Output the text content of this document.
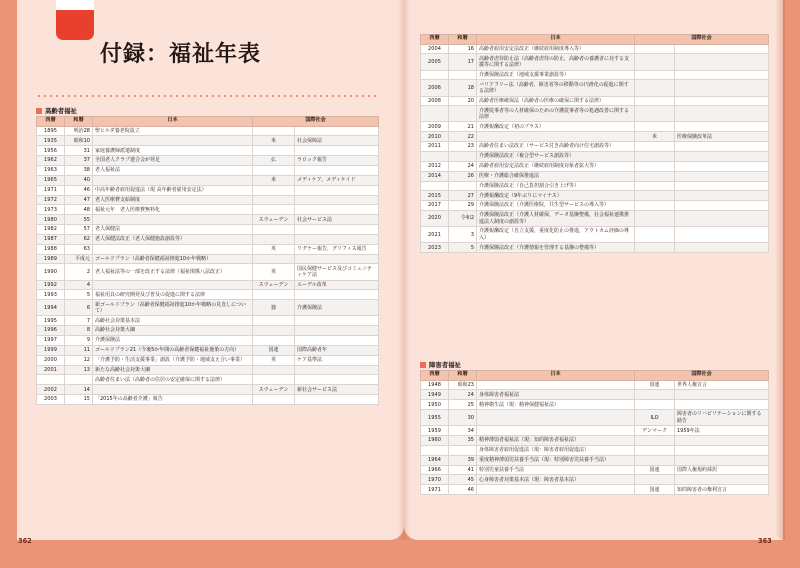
付録：福祉年表
高齢者福祉
西暦	和暦	日本	国際社会	
1895	明治28	聖ヒルダ養老院設立		
1935	昭和10		米	社会保障法
1956	31	家庭養護婦派遣制度		
1962	37	全国老人クラブ連合会が発足	仏	ラロック報告
1963	38	老人福祉法		
1965	40		米	メディケア，メディケイド
1971	46	中高年齢者雇用促進法（現 高年齢者雇用安定法）		
1972	47	老人医療費支給制度		
1973	48	福祉元年　老人医療費無料化		
1980	55		スウェーデン	社会サービス法
1982	57	老人保健法		
1987	62	老人保健法改正（老人保健施設創設等）		
1988	63		英	ワグナー報告，グリフィス報告
1989	平成元	ゴールドプラン（高齢者保健福祉推進10か年戦略）		
1990	2	老人福祉法等の一部を改正する法律（福祉関係八法改正）	英	国民保健サービス及びコミュニティケア法
1992	4		スウェーデン	エーデル改革
1993	5	福祉用具の研究開発及び普及の促進に関する法律		
1994	6	新ゴールドプラン（高齢者保健福祉推進10か年戦略の見直しについて）	独	介護保険法
1995	7	高齢社会対策基本法		
1996	8	高齢社会対策大綱		
1997	9	介護保険法		
1999	11	ゴールドプラン21（今後5か年間の高齢者保健福祉施策の方向）	国連	国際高齢者年
2000	12	「介護予防・生活支援事業」創設（介護予防・地域支え合い事業）	英	ケア基準法
2001	13	新たな高齢社会対策大綱		
		高齢者住まい法（高齢者の住居の安定確保に関する法律）		
2002	14		スウェーデン	新社会サービス法
2003	15	「2015年の高齢者介護」報告		
西暦	和暦	日本	国際社会	
2004	16	高齢者雇用安定法改正（継続雇用制度導入等）		
2005	17	高齢者虐待防止法（高齢者虐待の防止，高齢者の養護者に対する支援等に関する法律）		
		介護保険法改正（地域支援事業創設等）		
2006	18	バリアフリー法（高齢者，障害者等の移動等の円滑化の促進に関する法律）		
2008	20	高齢者医療確保法（高齢者の医療の確保に関する法律）		
		介護従事者等の人材確保のための介護従事者等の処遇改善に関する法律		
2009	21	介護報酬改定（初のプラス）		
2010	22		米	医療保険改革法
2011	23	高齢者住まい法改正（サービス付き高齢者向け住宅創設等）		
		介護保険法改正（複合型サービス創設等）		
2012	24	高齢者雇用安定法改正（継続雇用制度対象者拡大等）		
2014	26	医療・介護総合確保推進法		
		介護保険法改正（自己負担割合引き上げ等）		
2015	27	介護報酬改定（9年ぶりにマイナス）		
2017	29	介護保険法改正（介護医療院，共生型サービスの導入等）		
2020	令和2	介護保険法改正（介護人材確保，データ基盤整備，社会福祉連携推進法人制度の創設等）		
2021	3	介護報酬改定（自立支援，重度化防止の推進，アウトカム評価の導入）		
2023	5	介護保険法改正（介護情報を管理する基盤の整備等）		
障害者福祉
西暦	和暦	日本	国際社会	
1948	昭和23		国連	世界人権宣言
1949	24	身体障害者福祉法		
1950	25	精神衛生法（現：精神保健福祉法）		
1955	30		ILO	障害者のリハビリテーションに関する勧告
1959	34		デンマーク	1959年法
1960	35	精神薄弱者福祉法（現：知的障害者福祉法）		
		身体障害者雇用促進法（現：障害者雇用促進法）		
1964	39	重度精神薄弱児扶養手当法（現：特別障害児扶養手当法）		
1966	41	特別児童扶養手当法	国連	国際人権規約採択
1970	45	心身障害者対策基本法（現：障害者基本法）		
1971	46		国連	知的障害者の権利宣言
362	363
